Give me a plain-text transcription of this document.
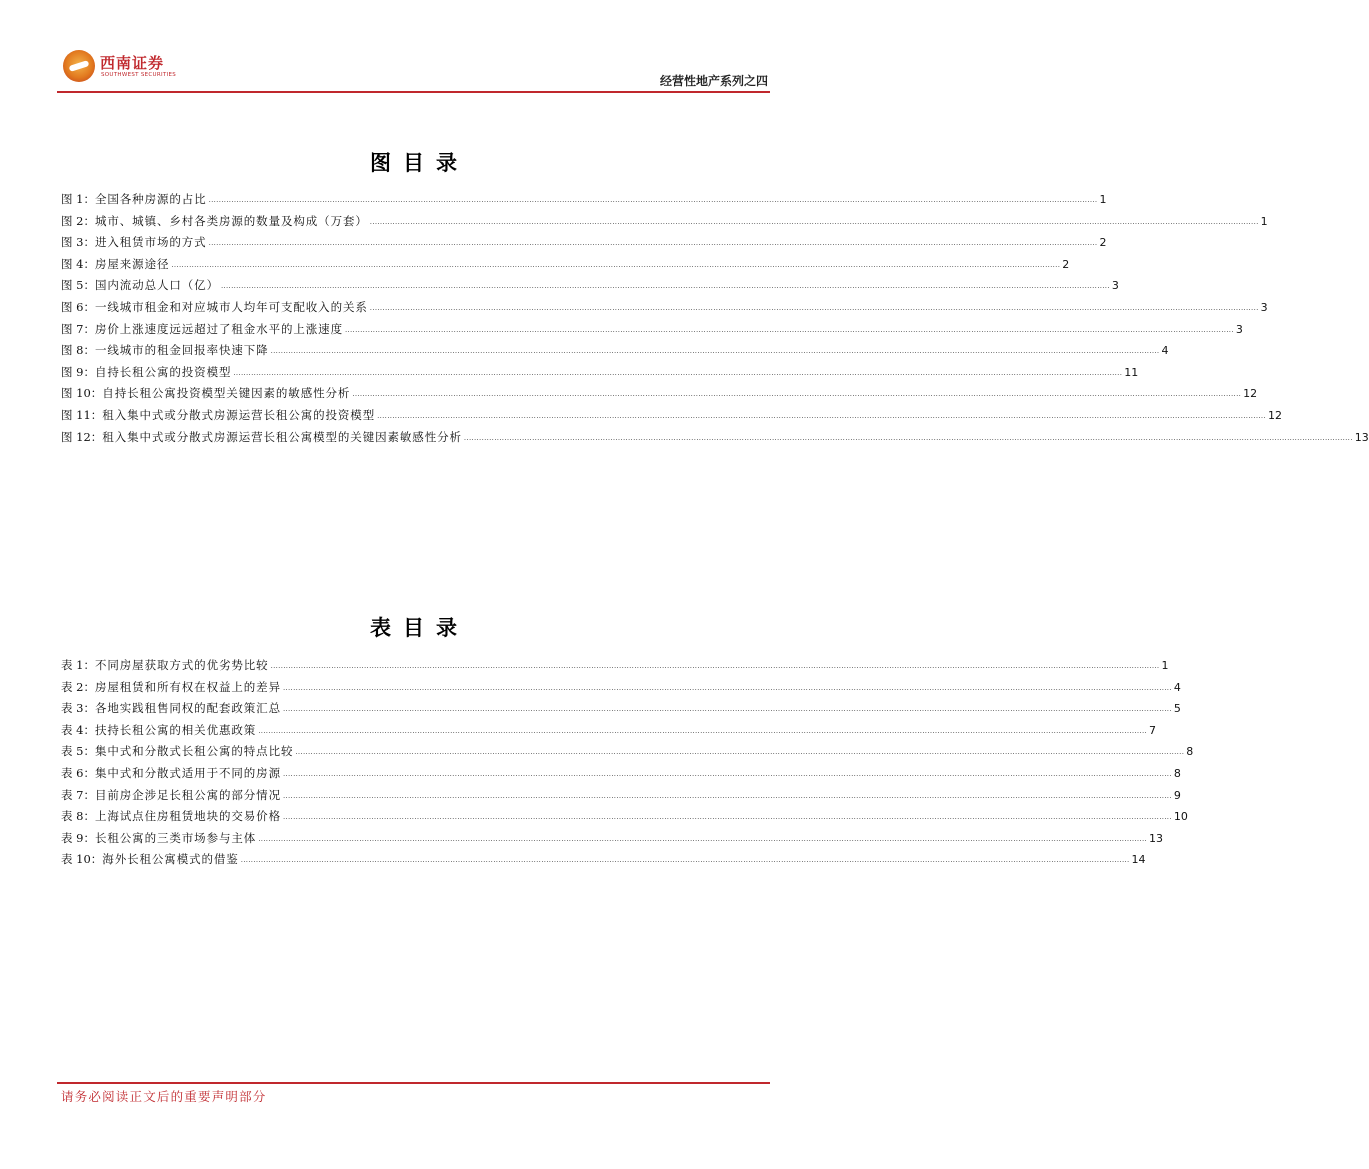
西南证券
SOUTHWEST SECURITIES	经营性地产系列之四
图目录
图 1： 全国各种房源的占比 .....	1
图 2： 城市、城镇、乡村各类房源的数量及构成（万套） .....	1
图 3： 进入租赁市场的方式 .....	2
图 4： 房屋来源途径 .....	2
图 5： 国内流动总人口（亿） .....	3
图 6： 一线城市租金和对应城市人均年可支配收入的关系 .....	3
图 7： 房价上涨速度远远超过了租金水平的上涨速度 .....	3
图 8： 一线城市的租金回报率快速下降 .....	4
图 9： 自持长租公寓的投资模型 .....	11
图 10： 自持长租公寓投资模型关键因素的敏感性分析 .....	12
图 11： 租入集中式或分散式房源运营长租公寓的投资模型 .....	12
图 12： 租入集中式或分散式房源运营长租公寓模型的关键因素敏感性分析 .....	13
表目录
表 1： 不同房屋获取方式的优劣势比较 .....	1
表 2： 房屋租赁和所有权在权益上的差异 .....	4
表 3： 各地实践租售同权的配套政策汇总 .....	5
表 4： 扶持长租公寓的相关优惠政策 .....	7
表 5： 集中式和分散式长租公寓的特点比较 .....	8
表 6： 集中式和分散式适用于不同的房源 .....	8
表 7： 目前房企涉足长租公寓的部分情况 .....	9
表 8： 上海试点住房租赁地块的交易价格 .....	10
表 9： 长租公寓的三类市场参与主体 .....	13
表 10： 海外长租公寓模式的借鉴 .....	14
请务必阅读正文后的重要声明部分
